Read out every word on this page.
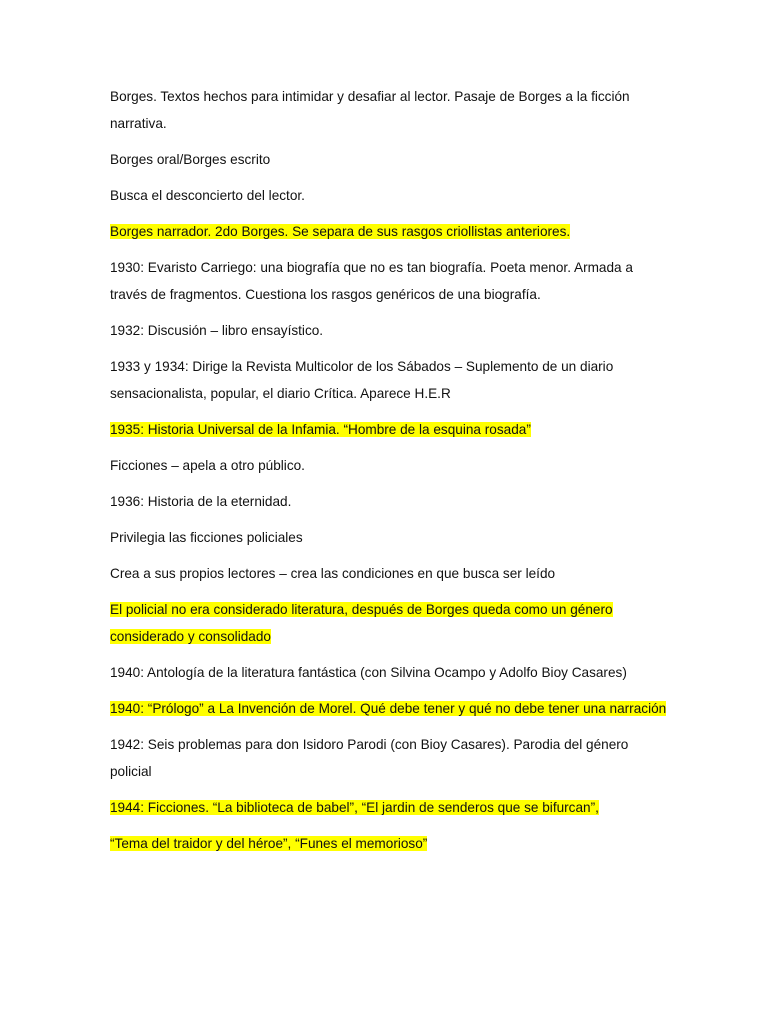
Borges. Textos hechos para intimidar y desafiar al lector. Pasaje de Borges a la ficción narrativa.

Borges oral/Borges escrito

Busca el desconcierto del lector.

Borges narrador. 2do Borges. Se separa de sus rasgos criollistas anteriores.

1930: Evaristo Carriego: una biografía que no es tan biografía. Poeta menor. Armada a través de fragmentos. Cuestiona los rasgos genéricos de una biografía.

1932: Discusión – libro ensayístico.

1933 y 1934: Dirige la Revista Multicolor de los Sábados – Suplemento de un diario sensacionalista, popular, el diario Crítica. Aparece H.E.R

1935: Historia Universal de la Infamia. “Hombre de la esquina rosada”

Ficciones – apela a otro público.

1936: Historia de la eternidad.

Privilegia las ficciones policiales

Crea a sus propios lectores – crea las condiciones en que busca ser leído

El policial no era considerado literatura, después de Borges queda como un género considerado y consolidado

1940: Antología de la literatura fantástica (con Silvina Ocampo y Adolfo Bioy Casares)

1940: “Prólogo” a La Invención de Morel. Qué debe tener y qué no debe tener una narración

1942: Seis problemas para don Isidoro Parodi (con Bioy Casares). Parodia del género policial

1944: Ficciones. “La biblioteca de babel”, “El jardin de senderos que se bifurcan”,

“Tema del traidor y del héroe”, “Funes el memorioso”
